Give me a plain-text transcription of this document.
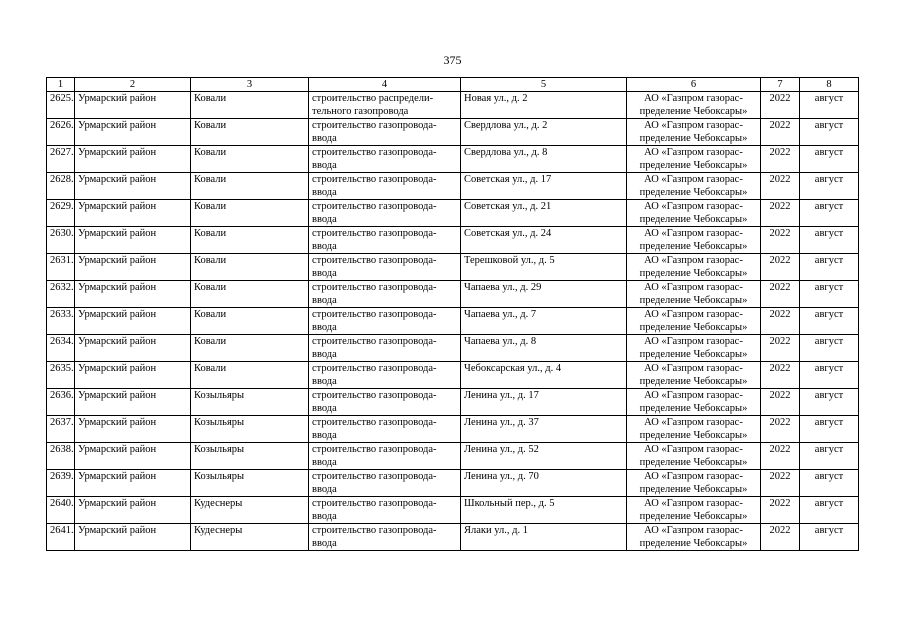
375
1	2	3	4	5	6	7	8

2625.	Урмарский район	Ковали	строительство распредели-
тельного газопровода	Новая ул., д. 2	АО «Газпром газорас-
пределение Чебоксары»	2022	август

2626.	Урмарский район	Ковали	строительство газопровода-
ввода	Свердлова ул., д. 2	АО «Газпром газорас-
пределение Чебоксары»	2022	август

2627.	Урмарский район	Ковали	строительство газопровода-
ввода	Свердлова ул., д. 8	АО «Газпром газорас-
пределение Чебоксары»	2022	август

2628.	Урмарский район	Ковали	строительство газопровода-
ввода	Советская ул., д. 17	АО «Газпром газорас-
пределение Чебоксары»	2022	август

2629.	Урмарский район	Ковали	строительство газопровода-
ввода	Советская ул., д. 21	АО «Газпром газорас-
пределение Чебоксары»	2022	август

2630.	Урмарский район	Ковали	строительство газопровода-
ввода	Советская ул., д. 24	АО «Газпром газорас-
пределение Чебоксары»	2022	август

2631.	Урмарский район	Ковали	строительство газопровода-
ввода	Терешковой ул., д. 5	АО «Газпром газорас-
пределение Чебоксары»	2022	август

2632.	Урмарский район	Ковали	строительство газопровода-
ввода	Чапаева ул., д. 29	АО «Газпром газорас-
пределение Чебоксары»	2022	август

2633.	Урмарский район	Ковали	строительство газопровода-
ввода	Чапаева ул., д. 7	АО «Газпром газорас-
пределение Чебоксары»	2022	август

2634.	Урмарский район	Ковали	строительство газопровода-
ввода	Чапаева ул., д. 8	АО «Газпром газорас-
пределение Чебоксары»	2022	август

2635.	Урмарский район	Ковали	строительство газопровода-
ввода	Чебоксарская ул., д. 4	АО «Газпром газорас-
пределение Чебоксары»	2022	август

2636.	Урмарский район	Козыльяры	строительство газопровода-
ввода	Ленина ул., д. 17	АО «Газпром газорас-
пределение Чебоксары»	2022	август

2637.	Урмарский район	Козыльяры	строительство газопровода-
ввода	Ленина ул., д. 37	АО «Газпром газорас-
пределение Чебоксары»	2022	август

2638.	Урмарский район	Козыльяры	строительство газопровода-
ввода	Ленина ул., д. 52	АО «Газпром газорас-
пределение Чебоксары»	2022	август

2639.	Урмарский район	Козыльяры	строительство газопровода-
ввода	Ленина ул., д. 70	АО «Газпром газорас-
пределение Чебоксары»	2022	август

2640.	Урмарский район	Кудеснеры	строительство газопровода-
ввода	Школьный пер., д. 5	АО «Газпром газорас-
пределение Чебоксары»	2022	август

2641.	Урмарский район	Кудеснеры	строительство газопровода-
ввода	Ялаки ул., д. 1	АО «Газпром газорас-
пределение Чебоксары»	2022	август
